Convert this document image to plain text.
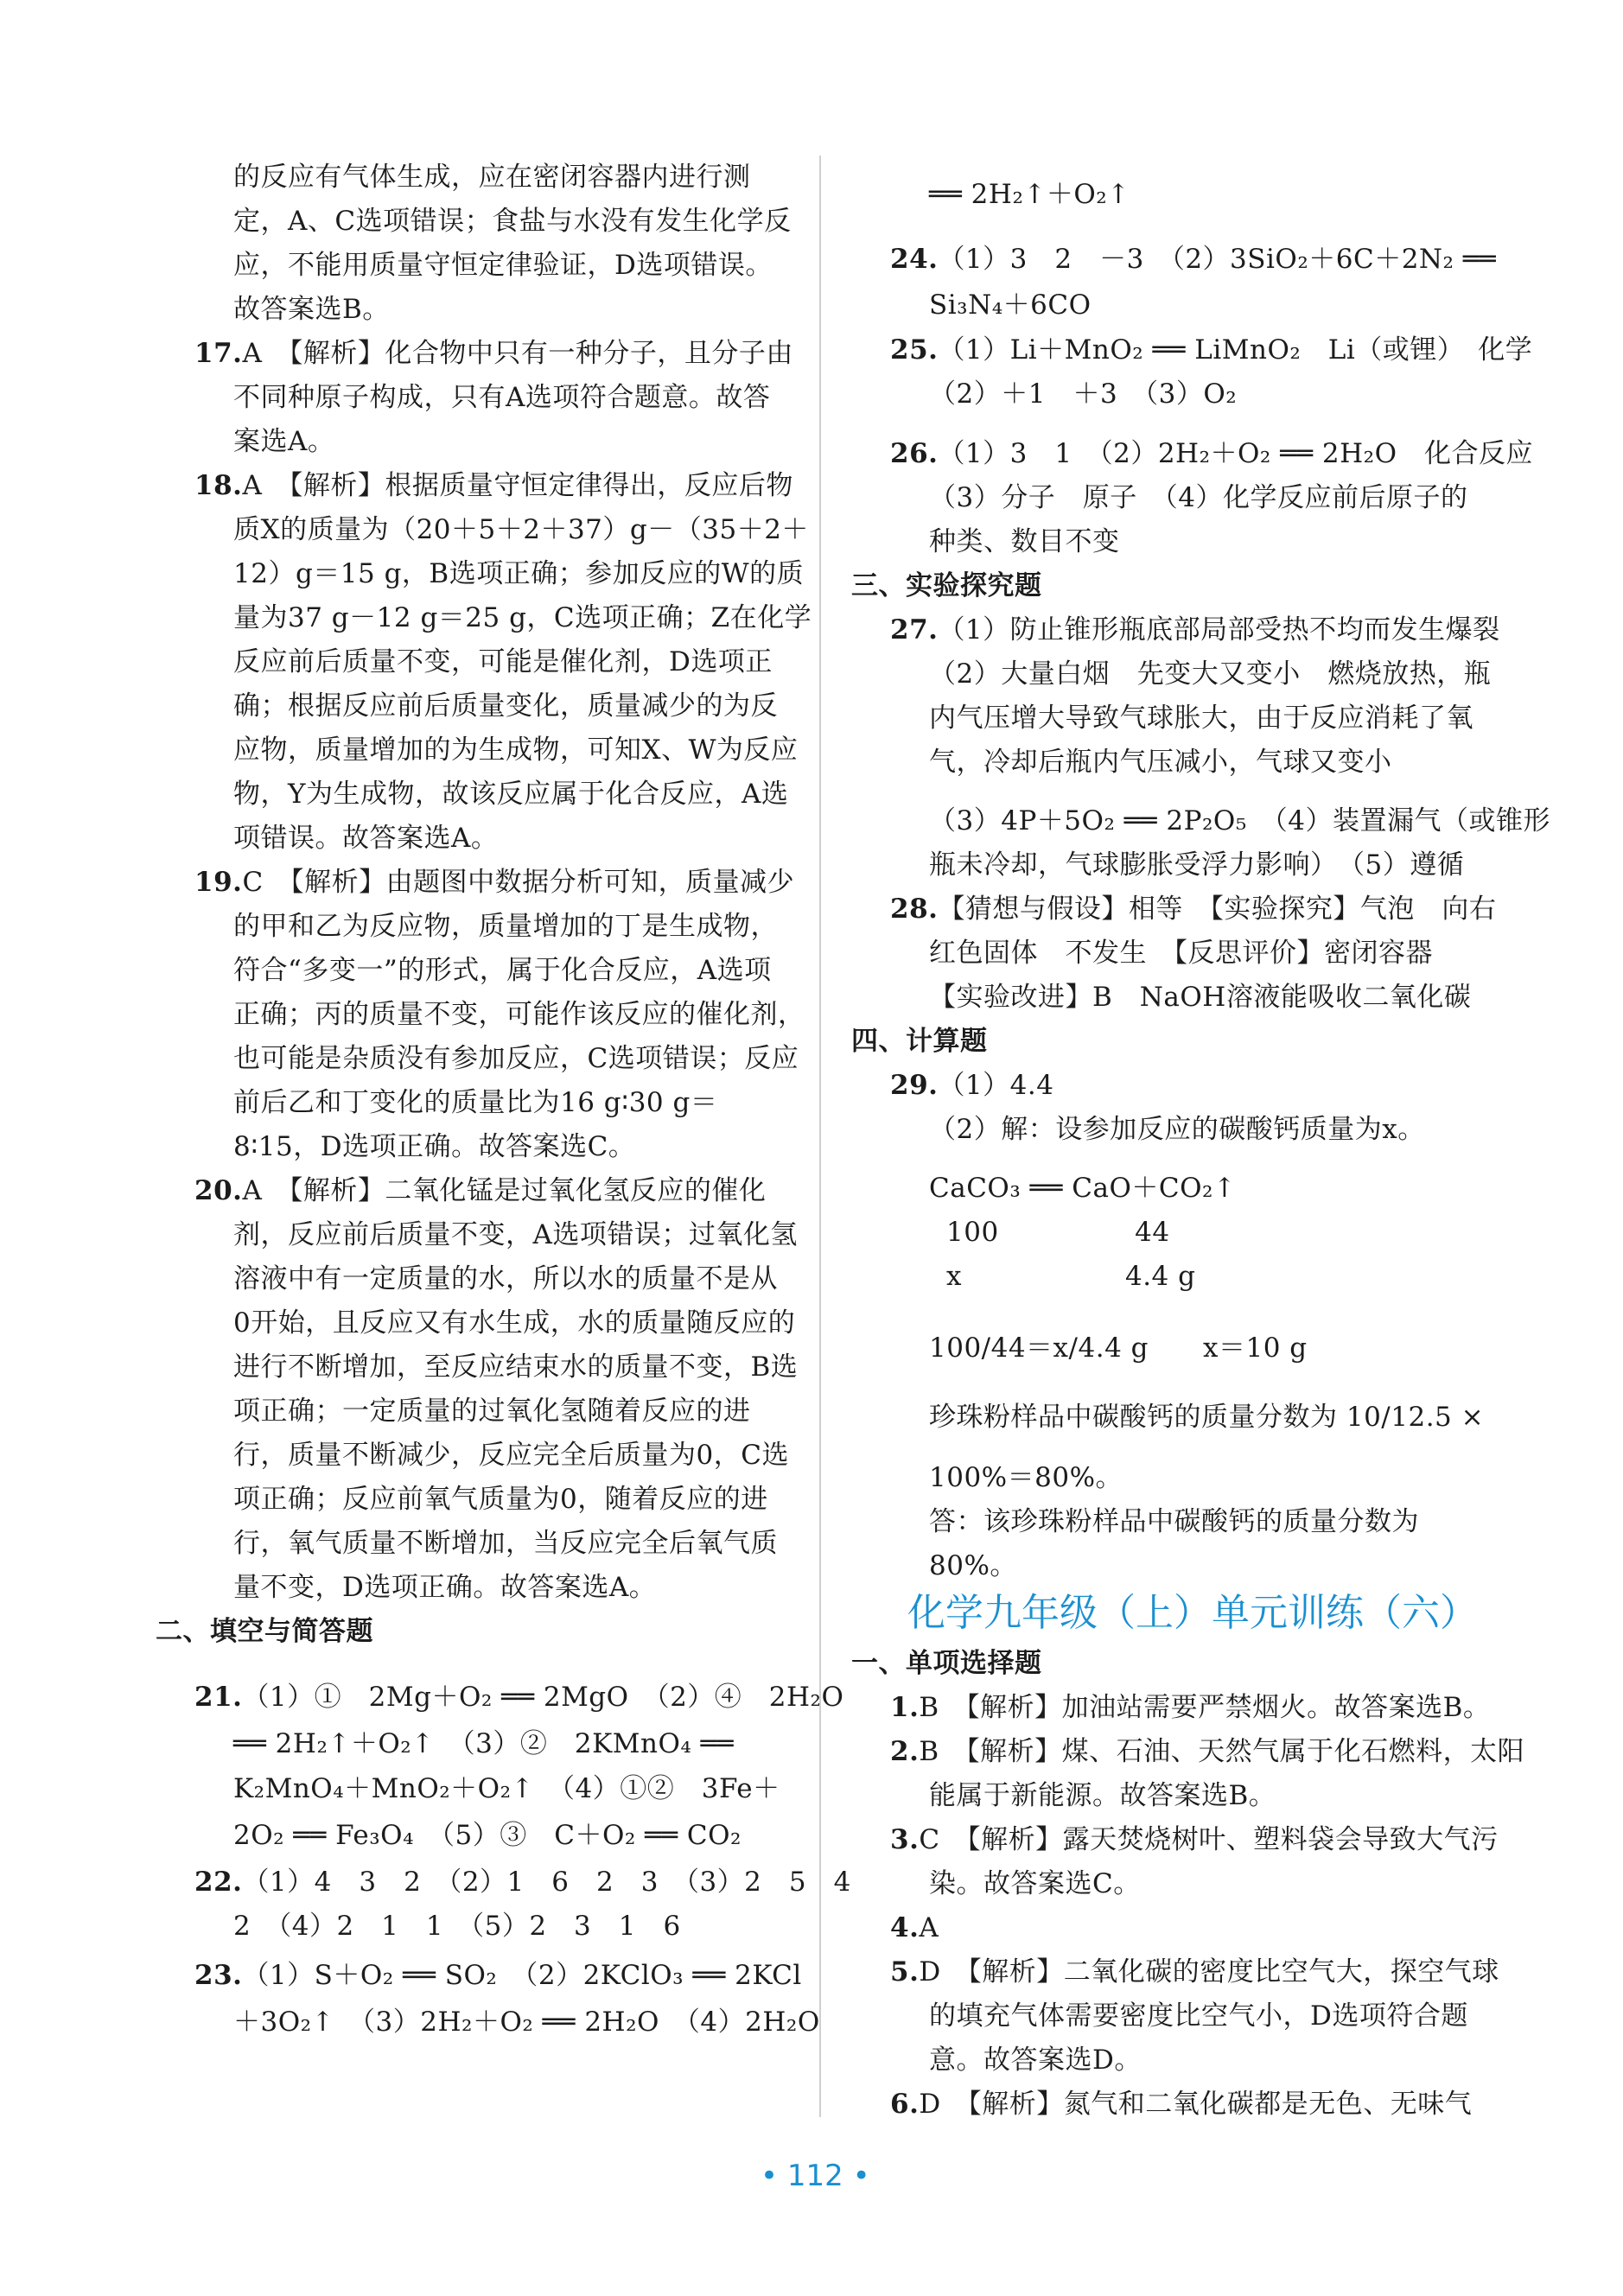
的反应有气体生成，应在密闭容器内进行测
定，A、C选项错误；食盐与水没有发生化学反
应，不能用质量守恒定律验证，D选项错误。
故答案选B。
17.A　【解析】化合物中只有一种分子，且分子由
不同种原子构成，只有A选项符合题意。故答
案选A。
18.A　【解析】根据质量守恒定律得出，反应后物
质X的质量为（20＋5＋2＋37）g－（35＋2＋
12）g＝15 g，B选项正确；参加反应的W的质
量为37 g－12 g＝25 g，C选项正确；Z在化学
反应前后质量不变，可能是催化剂，D选项正
确；根据反应前后质量变化，质量减少的为反
应物，质量增加的为生成物，可知X、W为反应
物，Y为生成物，故该反应属于化合反应，A选
项错误。故答案选A。
19.C　【解析】由题图中数据分析可知，质量减少
的甲和乙为反应物，质量增加的丁是生成物，
符合“多变一”的形式，属于化合反应，A选项
正确；丙的质量不变，可能作该反应的催化剂，
也可能是杂质没有参加反应，C选项错误；反应
前后乙和丁变化的质量比为16 g∶30 g＝
8∶15，D选项正确。故答案选C。
20.A　【解析】二氧化锰是过氧化氢反应的催化
剂，反应前后质量不变，A选项错误；过氧化氢
溶液中有一定质量的水，所以水的质量不是从
0开始，且反应又有水生成，水的质量随反应的
进行不断增加，至反应结束水的质量不变，B选
项正确；一定质量的过氧化氢随着反应的进
行，质量不断减少，反应完全后质量为0，C选
项正确；反应前氧气质量为0，随着反应的进
行，氧气质量不断增加，当反应完全后氧气质
量不变，D选项正确。故答案选A。
二、填空与简答题
21.（1）①　2Mg＋O₂ ══ 2MgO　（2）④　2H₂O
══ 2H₂↑＋O₂↑　（3）②　2KMnO₄ ══
K₂MnO₄＋MnO₂＋O₂↑　（4）①②　3Fe＋
2O₂ ══ Fe₃O₄　（5）③　C＋O₂ ══ CO₂
22.（1）4　3　2　（2）1　6　2　3　（3）2　5　4
2　（4）2　1　1　（5）2　3　1　6
23.（1）S＋O₂ ══ SO₂　（2）2KClO₃ ══ 2KCl
＋3O₂↑　（3）2H₂＋O₂ ══ 2H₂O　（4）2H₂O
══ 2H₂↑＋O₂↑
24.（1）3　2　－3　（2）3SiO₂＋6C＋2N₂ ══
Si₃N₄＋6CO
25.（1）Li＋MnO₂ ══ LiMnO₂　Li（或锂）　化学
（2）＋1　＋3　（3）O₂
26.（1）3　1　（2）2H₂＋O₂ ══ 2H₂O　化合反应
（3）分子　原子　（4）化学反应前后原子的
种类、数目不变
三、实验探究题
27.（1）防止锥形瓶底部局部受热不均而发生爆裂
（2）大量白烟　先变大又变小　燃烧放热，瓶
内气压增大导致气球胀大，由于反应消耗了氧
气，冷却后瓶内气压减小，气球又变小
（3）4P＋5O₂ ══ 2P₂O₅　（4）装置漏气（或锥形
瓶未冷却，气球膨胀受浮力影响）　（5）遵循
28.【猜想与假设】相等　【实验探究】气泡　向右
红色固体　不发生　【反思评价】密闭容器
【实验改进】B　NaOH溶液能吸收二氧化碳
四、计算题
29.（1）4.4
（2）解：设参加反应的碳酸钙质量为x。
CaCO₃ ══ CaO＋CO₂↑
100　　　　　44
x　　　　　　4.4 g
100/44＝x/4.4 g　　x＝10 g
珍珠粉样品中碳酸钙的质量分数为 10/12.5 ×
100%＝80%。
答：该珍珠粉样品中碳酸钙的质量分数为
80%。
一、单项选择题
1.B　【解析】加油站需要严禁烟火。故答案选B。
2.B　【解析】煤、石油、天然气属于化石燃料，太阳
能属于新能源。故答案选B。
3.C　【解析】露天焚烧树叶、塑料袋会导致大气污
染。故答案选C。
4.A
5.D　【解析】二氧化碳的密度比空气大，探空气球
的填充气体需要密度比空气小，D选项符合题
意。故答案选D。
6.D　【解析】氮气和二氧化碳都是无色、无味气
化学九年级（上）单元训练（六）
• 112 •
